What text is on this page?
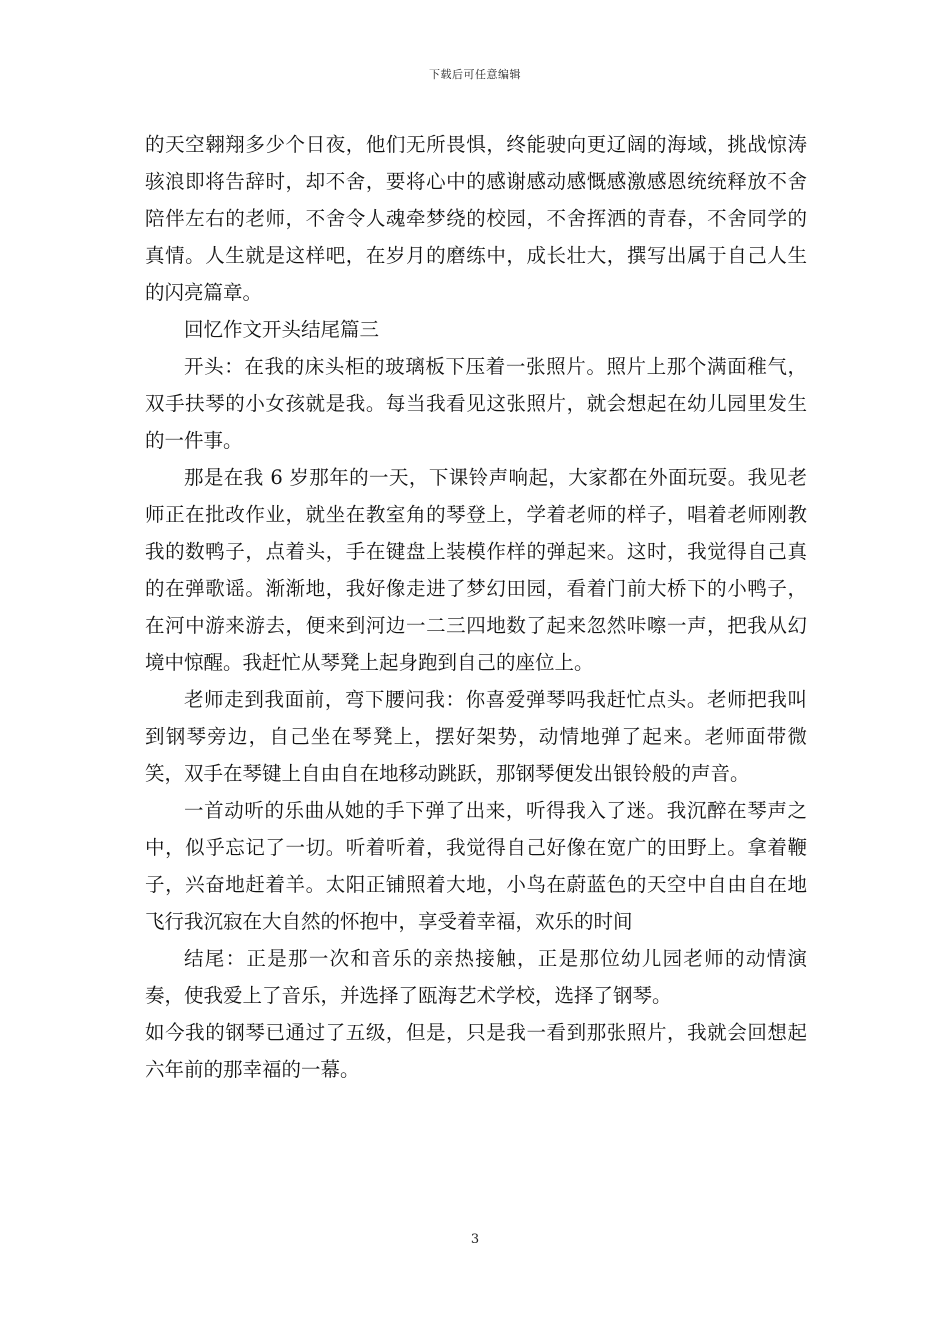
下载后可任意编辑

的天空翱翔多少个日夜，他们无所畏惧，终能驶向更辽阔的海域，挑战惊涛骇浪即将告辞时，却不舍，要将心中的感谢感动感慨感激感恩统统释放不舍陪伴左右的老师，不舍令人魂牵梦绕的校园，不舍挥洒的青春，不舍同学的真情。人生就是这样吧，在岁月的磨练中，成长壮大，撰写出属于自己人生的闪亮篇章。

回忆作文开头结尾篇三

开头：在我的床头柜的玻璃板下压着一张照片。照片上那个满面稚气，双手扶琴的小女孩就是我。每当我看见这张照片，就会想起在幼儿园里发生的一件事。

那是在我 6 岁那年的一天，下课铃声响起，大家都在外面玩耍。我见老师正在批改作业，就坐在教室角的琴登上，学着老师的样子，唱着老师刚教我的数鸭子，点着头，手在键盘上装模作样的弹起来。这时，我觉得自己真的在弹歌谣。渐渐地，我好像走进了梦幻田园，看着门前大桥下的小鸭子，在河中游来游去，便来到河边一二三四地数了起来忽然咔嚓一声，把我从幻境中惊醒。我赶忙从琴凳上起身跑到自己的座位上。

老师走到我面前，弯下腰问我：你喜爱弹琴吗我赶忙点头。老师把我叫到钢琴旁边，自己坐在琴凳上，摆好架势，动情地弹了起来。老师面带微笑，双手在琴键上自由自在地移动跳跃，那钢琴便发出银铃般的声音。

一首动听的乐曲从她的手下弹了出来，听得我入了迷。我沉醉在琴声之中，似乎忘记了一切。听着听着，我觉得自己好像在宽广的田野上。拿着鞭子，兴奋地赶着羊。太阳正铺照着大地，小鸟在蔚蓝色的天空中自由自在地飞行我沉寂在大自然的怀抱中，享受着幸福，欢乐的时间

结尾：正是那一次和音乐的亲热接触，正是那位幼儿园老师的动情演奏，使我爱上了音乐，并选择了瓯海艺术学校，选择了钢琴。

如今我的钢琴已通过了五级，但是，只是我一看到那张照片，我就会回想起六年前的那幸福的一幕。

3
